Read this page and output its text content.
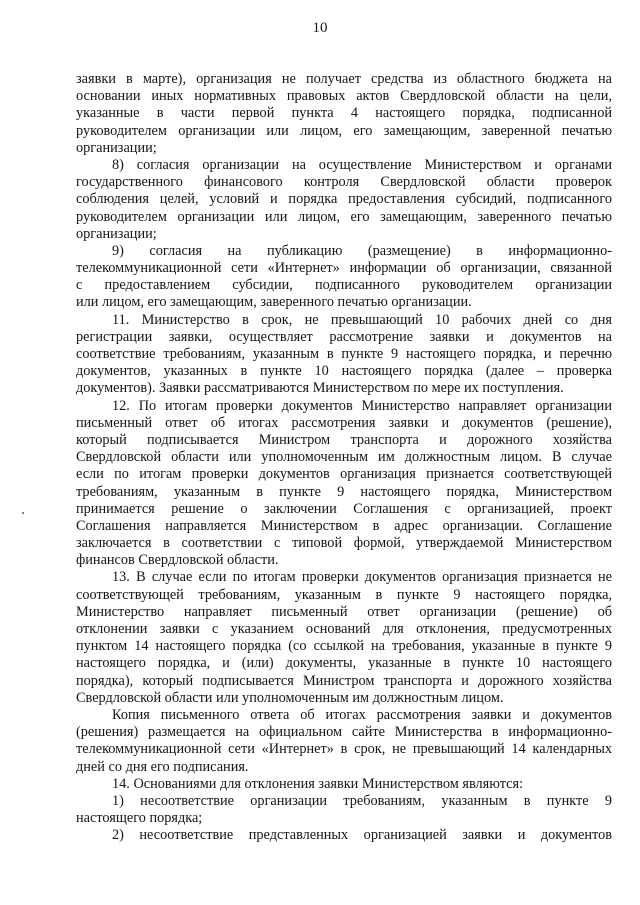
10
заявки в марте), организация не получает средства из областного бюджета на
основании иных нормативных правовых актов Свердловской области на цели,
указанные в части первой пункта 4 настоящего порядка, подписанной
руководителем организации или лицом, его замещающим, заверенной печатью
организации;
8) согласия организации на осуществление Министерством и органами
государственного финансового контроля Свердловской области проверок
соблюдения целей, условий и порядка предоставления субсидий, подписанного
руководителем организации или лицом, его замещающим, заверенного печатью
организации;
9) согласия на публикацию (размещение) в информационно-
телекоммуникационной сети «Интернет» информации об организации, связанной
с предоставлением субсидии, подписанного руководителем организации
или лицом, его замещающим, заверенного печатью организации.
11. Министерство в срок, не превышающий 10 рабочих дней со дня
регистрации заявки, осуществляет рассмотрение заявки и документов на
соответствие требованиям, указанным в пункте 9 настоящего порядка, и перечню
документов, указанных в пункте 10 настоящего порядка (далее – проверка
документов). Заявки рассматриваются Министерством по мере их поступления.
12. По итогам проверки документов Министерство направляет организации
письменный ответ об итогах рассмотрения заявки и документов (решение),
который подписывается Министром транспорта и дорожного хозяйства
Свердловской области или уполномоченным им должностным лицом. В случае
если по итогам проверки документов организация признается соответствующей
требованиям, указанным в пункте 9 настоящего порядка, Министерством
принимается решение о заключении Соглашения с организацией, проект
Соглашения направляется Министерством в адрес организации. Соглашение
заключается в соответствии с типовой формой, утверждаемой Министерством
финансов Свердловской области.
13. В случае если по итогам проверки документов организация признается не
соответствующей требованиям, указанным в пункте 9 настоящего порядка,
Министерство направляет письменный ответ организации (решение) об
отклонении заявки с указанием оснований для отклонения, предусмотренных
пунктом 14 настоящего порядка (со ссылкой на требования, указанные в пункте 9
настоящего порядка, и (или) документы, указанные в пункте 10 настоящего
порядка), который подписывается Министром транспорта и дорожного хозяйства
Свердловской области или уполномоченным им должностным лицом.
Копия письменного ответа об итогах рассмотрения заявки и документов
(решения) размещается на официальном сайте Министерства в информационно-
телекоммуникационной сети «Интернет» в срок, не превышающий 14 календарных
дней со дня его подписания.
14. Основаниями для отклонения заявки Министерством являются:
1) несоответствие организации требованиям, указанным в пункте 9
настоящего порядка;
2) несоответствие представленных организацией заявки и документов
